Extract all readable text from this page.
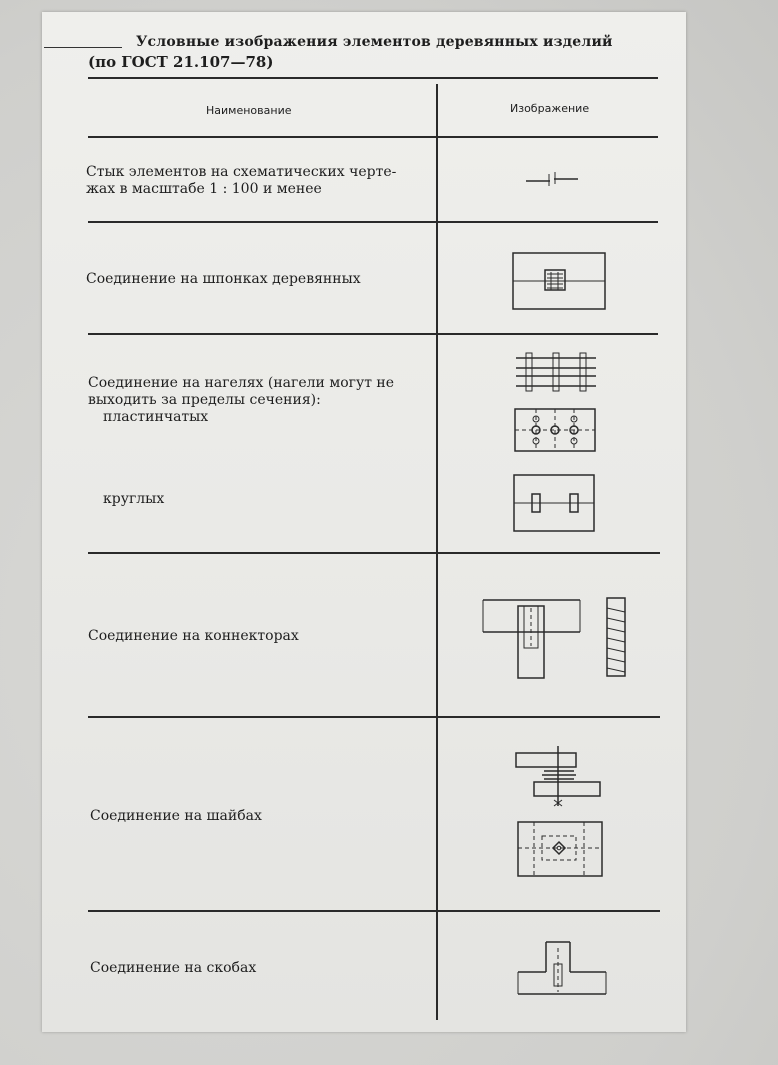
Условные изображения элементов деревянных изделий
(по ГОСТ 21.107—78)
Наименование	Изображение
Стык элементов на схематических черте-
жах в масштабе 1 : 100 и менее
Соединение на шпонках деревянных
Соединение на нагелях (нагели могут не
выходить за пределы сечения):
пластинчатых
круглых
Соединение на коннекторах
Соединение на шайбах
Соединение на скобах
